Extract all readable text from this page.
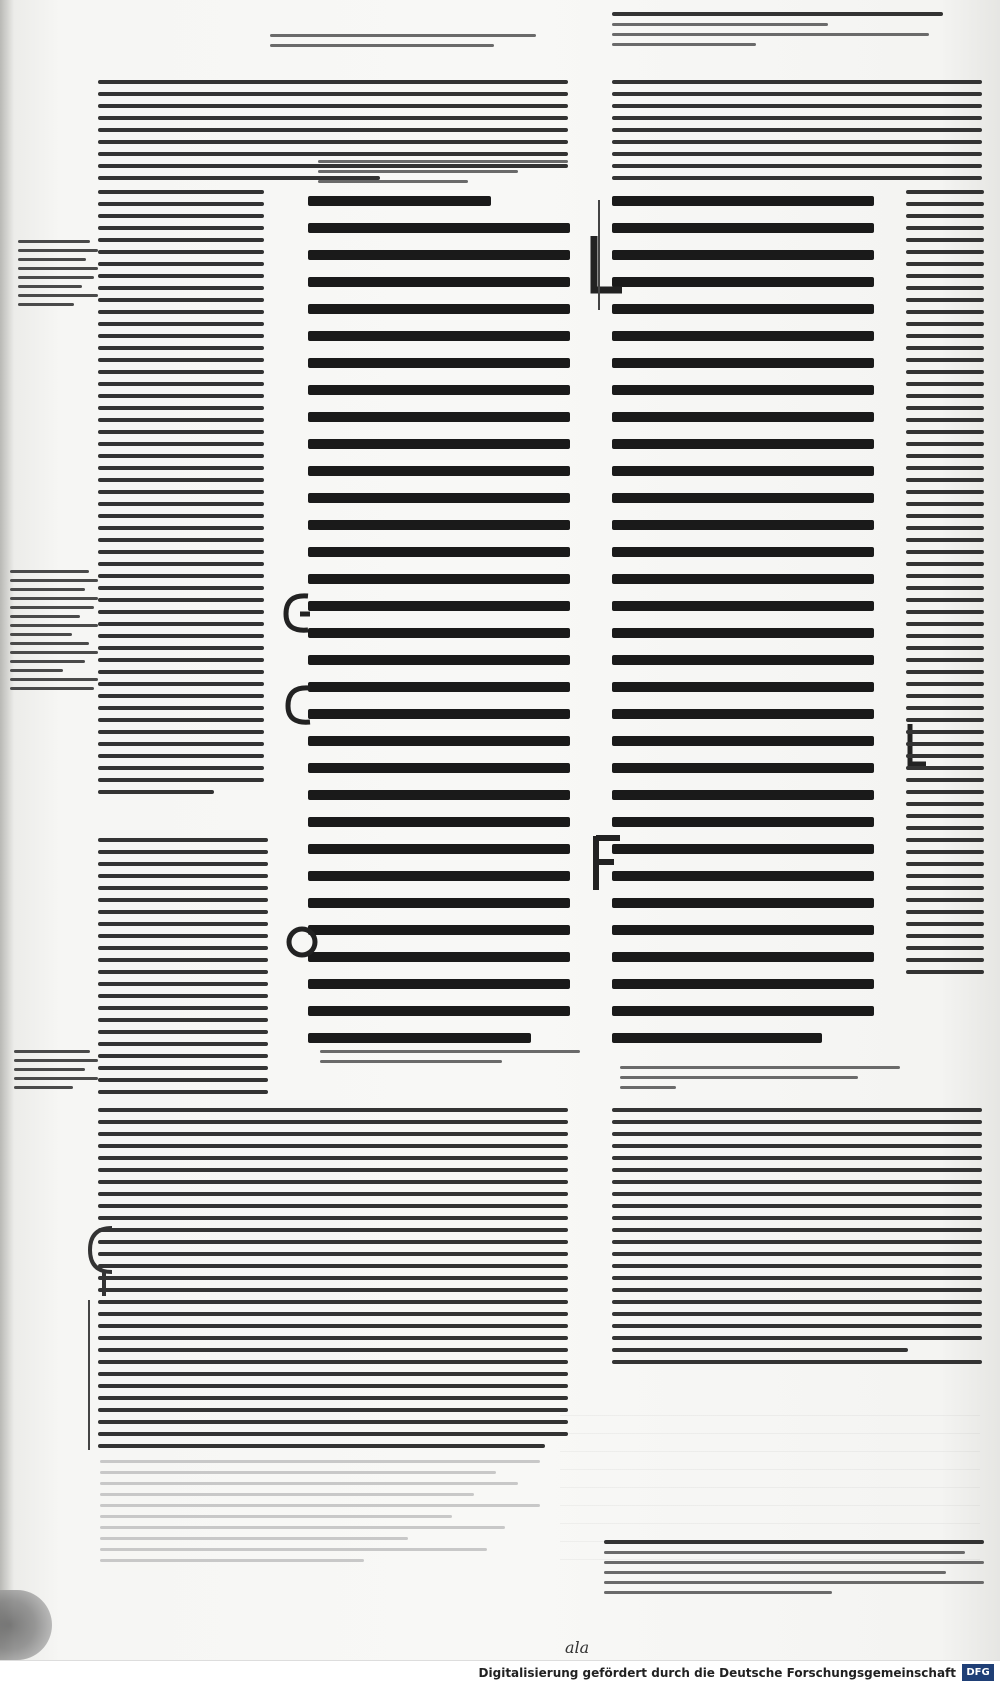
ala
Digitalisierung gefördert durch die Deutsche Forschungsgemeinschaft	DFG
